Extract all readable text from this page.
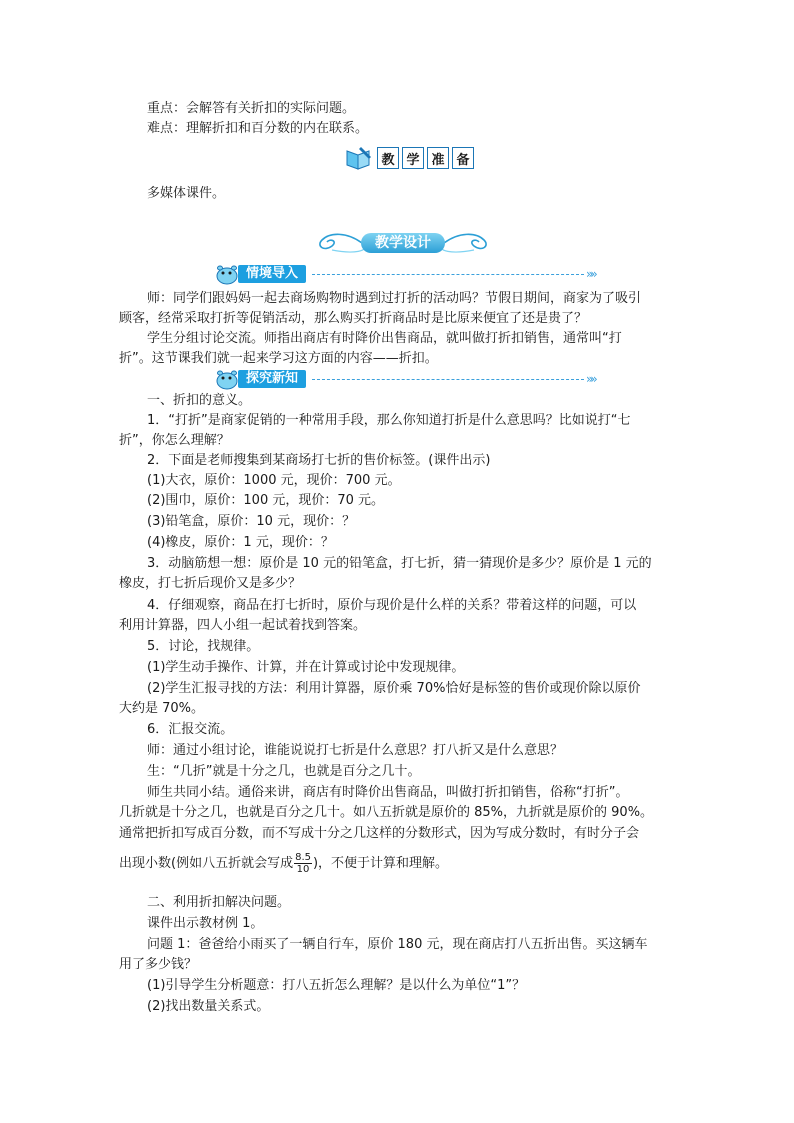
重点：会解答有关折扣的实际问题。
难点：理解折扣和百分数的内在联系。
教 学 准 备
多媒体课件。
教学设计
情境导入	»»
师：同学们跟妈妈一起去商场购物时遇到过打折的活动吗？节假日期间，商家为了吸引
顾客，经常采取打折等促销活动，那么购买打折商品时是比原来便宜了还是贵了？
学生分组讨论交流。师指出商店有时降价出售商品，就叫做打折扣销售，通常叫“打
折”。这节课我们就一起来学习这方面的内容——折扣。
探究新知	»»
一、折扣的意义。
1．“打折”是商家促销的一种常用手段，那么你知道打折是什么意思吗？比如说打“七
折”，你怎么理解？
2．下面是老师搜集到某商场打七折的售价标签。(课件出示)
(1)大衣，原价：1000 元，现价：700 元。
(2)围巾，原价：100 元，现价：70 元。
(3)铅笔盒，原价：10 元，现价：？
(4)橡皮，原价：1 元，现价：？
3．动脑筋想一想：原价是 10 元的铅笔盒，打七折，猜一猜现价是多少？原价是 1 元的
橡皮，打七折后现价又是多少？
4．仔细观察，商品在打七折时，原价与现价是什么样的关系？带着这样的问题，可以
利用计算器，四人小组一起试着找到答案。
5．讨论，找规律。
(1)学生动手操作、计算，并在计算或讨论中发现规律。
(2)学生汇报寻找的方法：利用计算器，原价乘 70%恰好是标签的售价或现价除以原价
大约是 70%。
6．汇报交流。
师：通过小组讨论，谁能说说打七折是什么意思？打八折又是什么意思？
生：“几折”就是十分之几，也就是百分之几十。
师生共同小结。通俗来讲，商店有时降价出售商品，叫做打折扣销售，俗称“打折”。
几折就是十分之几，也就是百分之几十。如八五折就是原价的 85%，九折就是原价的 90%。
通常把折扣写成百分数，而不写成十分之几这样的分数形式，因为写成分数时，有时分子会
出现小数(例如八五折就会写成 $\frac{8.5}{10}$ )，不便于计算和理解。
二、利用折扣解决问题。
课件出示教材例 1。
问题 1：爸爸给小雨买了一辆自行车，原价 180 元，现在商店打八五折出售。买这辆车
用了多少钱？
(1)引导学生分析题意：打八五折怎么理解？是以什么为单位“1”？
(2)找出数量关系式。
